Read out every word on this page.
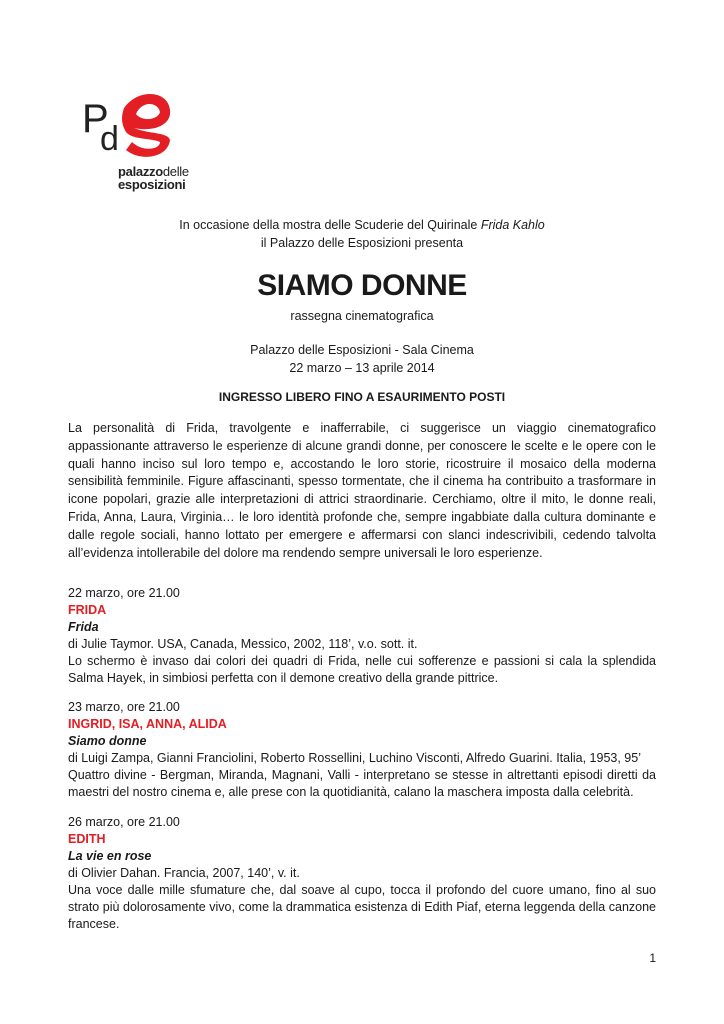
P
d
palazzodelle
esposizioni
In occasione della mostra delle Scuderie del Quirinale Frida Kahlo
il Palazzo delle Esposizioni presenta
SIAMO DONNE
rassegna cinematografica
Palazzo delle Esposizioni - Sala Cinema
22 marzo – 13 aprile 2014
INGRESSO LIBERO FINO A ESAURIMENTO POSTI
La personalità di Frida, travolgente e inafferrabile, ci suggerisce un viaggio cinematografico appassionante attraverso le esperienze di alcune grandi donne, per conoscere le scelte e le opere con le quali hanno inciso sul loro tempo e, accostando le loro storie, ricostruire il mosaico della moderna sensibilità femminile. Figure affascinanti, spesso tormentate, che il cinema ha contribuito a trasformare in icone popolari, grazie alle interpretazioni di attrici straordinarie. Cerchiamo, oltre il mito, le donne reali, Frida, Anna, Laura, Virginia… le loro identità profonde che, sempre ingabbiate dalla cultura dominante e dalle regole sociali, hanno lottato per emergere e affermarsi con slanci indescrivibili, cedendo talvolta all’evidenza intollerabile del dolore ma rendendo sempre universali le loro esperienze.
22 marzo, ore 21.00
FRIDA
Frida
di Julie Taymor. USA, Canada, Messico, 2002, 118’, v.o. sott. it.
Lo schermo è invaso dai colori dei quadri di Frida, nelle cui sofferenze e passioni si cala la splendida Salma Hayek, in simbiosi perfetta con il demone creativo della grande pittrice.
23 marzo, ore 21.00
INGRID, ISA, ANNA, ALIDA
Siamo donne
di Luigi Zampa, Gianni Franciolini, Roberto Rossellini, Luchino Visconti, Alfredo Guarini. Italia, 1953, 95’
Quattro divine - Bergman, Miranda, Magnani, Valli - interpretano se stesse in altrettanti episodi diretti da maestri del nostro cinema e, alle prese con la quotidianità, calano la maschera imposta dalla celebrità.
26 marzo, ore 21.00
EDITH
La vie en rose
di Olivier Dahan. Francia, 2007, 140’, v. it.
Una voce dalle mille sfumature che, dal soave al cupo, tocca il profondo del cuore umano, fino al suo strato più dolorosamente vivo, come la drammatica esistenza di Edith Piaf, eterna leggenda della canzone francese.
1
